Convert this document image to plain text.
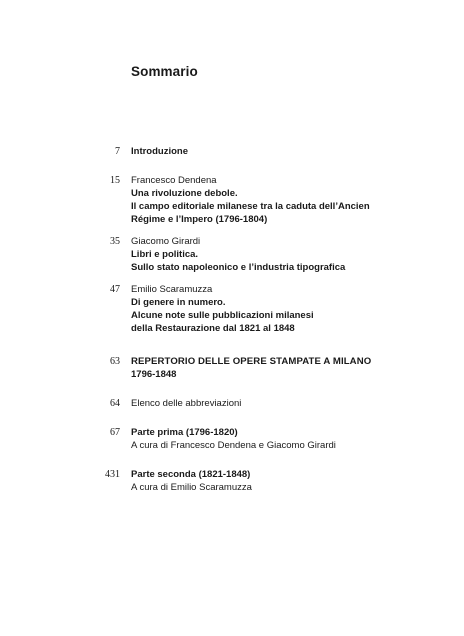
Sommario
7 Introduzione
15 Francesco Dendena
Una rivoluzione debole.
Il campo editoriale milanese tra la caduta dell’Ancien
Régime e l’Impero (1796-1804)
35 Giacomo Girardi
Libri e politica.
Sullo stato napoleonico e l’industria tipografica
47 Emilio Scaramuzza
Di genere in numero.
Alcune note sulle pubblicazioni milanesi
della Restaurazione dal 1821 al 1848
63 REPERTORIO DELLE OPERE STAMPATE A MILANO
1796-1848
64 Elenco delle abbreviazioni
67 Parte prima (1796-1820)
A cura di Francesco Dendena e Giacomo Girardi
431 Parte seconda (1821-1848)
A cura di Emilio Scaramuzza
